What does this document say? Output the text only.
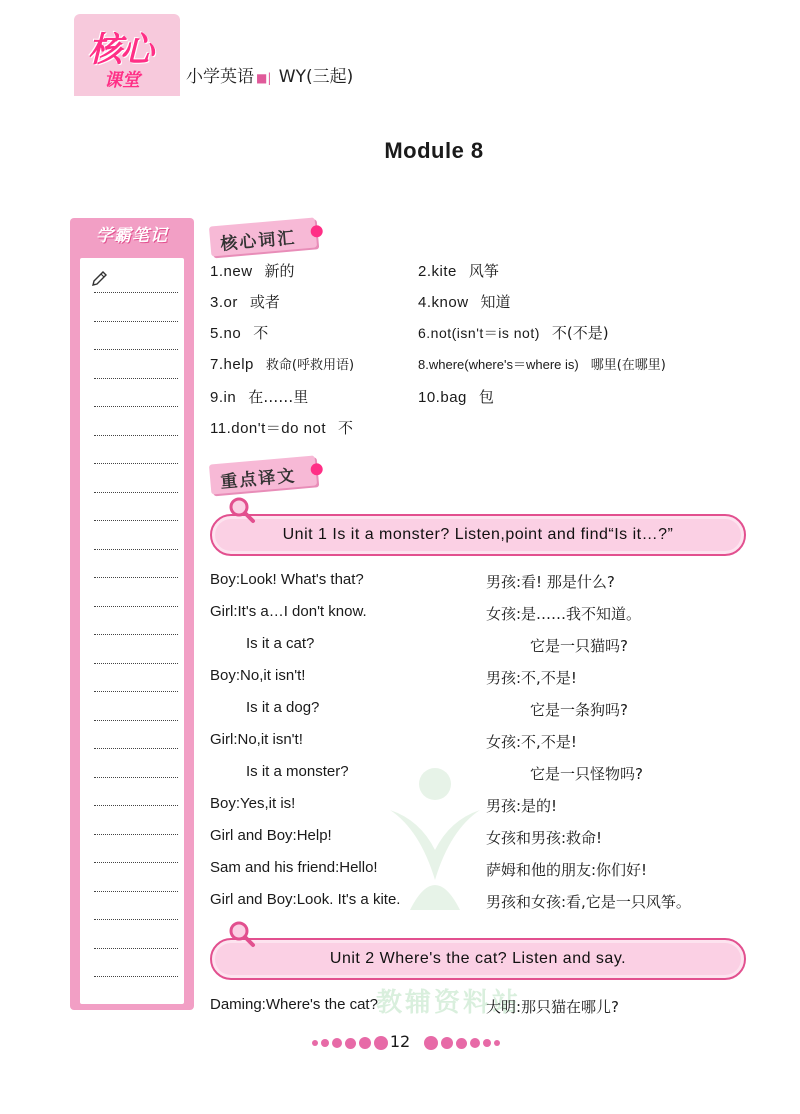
核心
课堂	小学英语 ■| WY(三起)
Module 8
学霸笔记	核心词汇
1.new 新的	2.kite 风筝
3.or 或者	4.know 知道
5.no 不	6.not(isn't＝is not) 不(不是)
7.help 救命(呼救用语)	8.where(where's＝where is) 哪里(在哪里)
9.in 在……里	10.bag 包
11.don't＝do not 不
重点译文
Unit 1 Is it a monster? Listen,point and find“Is it…?”
Boy:Look! What's that?	男孩:看! 那是什么?
Girl:It's a…I don't know.	女孩:是……我不知道。
Is it a cat?	它是一只猫吗?
Boy:No,it isn't!	男孩:不,不是!
Is it a dog?	它是一条狗吗?
Girl:No,it isn't!	女孩:不,不是!
Is it a monster?	它是一只怪物吗?
Boy:Yes,it is!	男孩:是的!
Girl and Boy:Help!	女孩和男孩:救命!
Sam and his friend:Hello!	萨姆和他的朋友:你们好!
Girl and Boy:Look. It's a kite.	男孩和女孩:看,它是一只风筝。
教辅资料站
Unit 2 Where's the cat? Listen and say.
Daming:Where's the cat?	大明:那只猫在哪儿?
12
